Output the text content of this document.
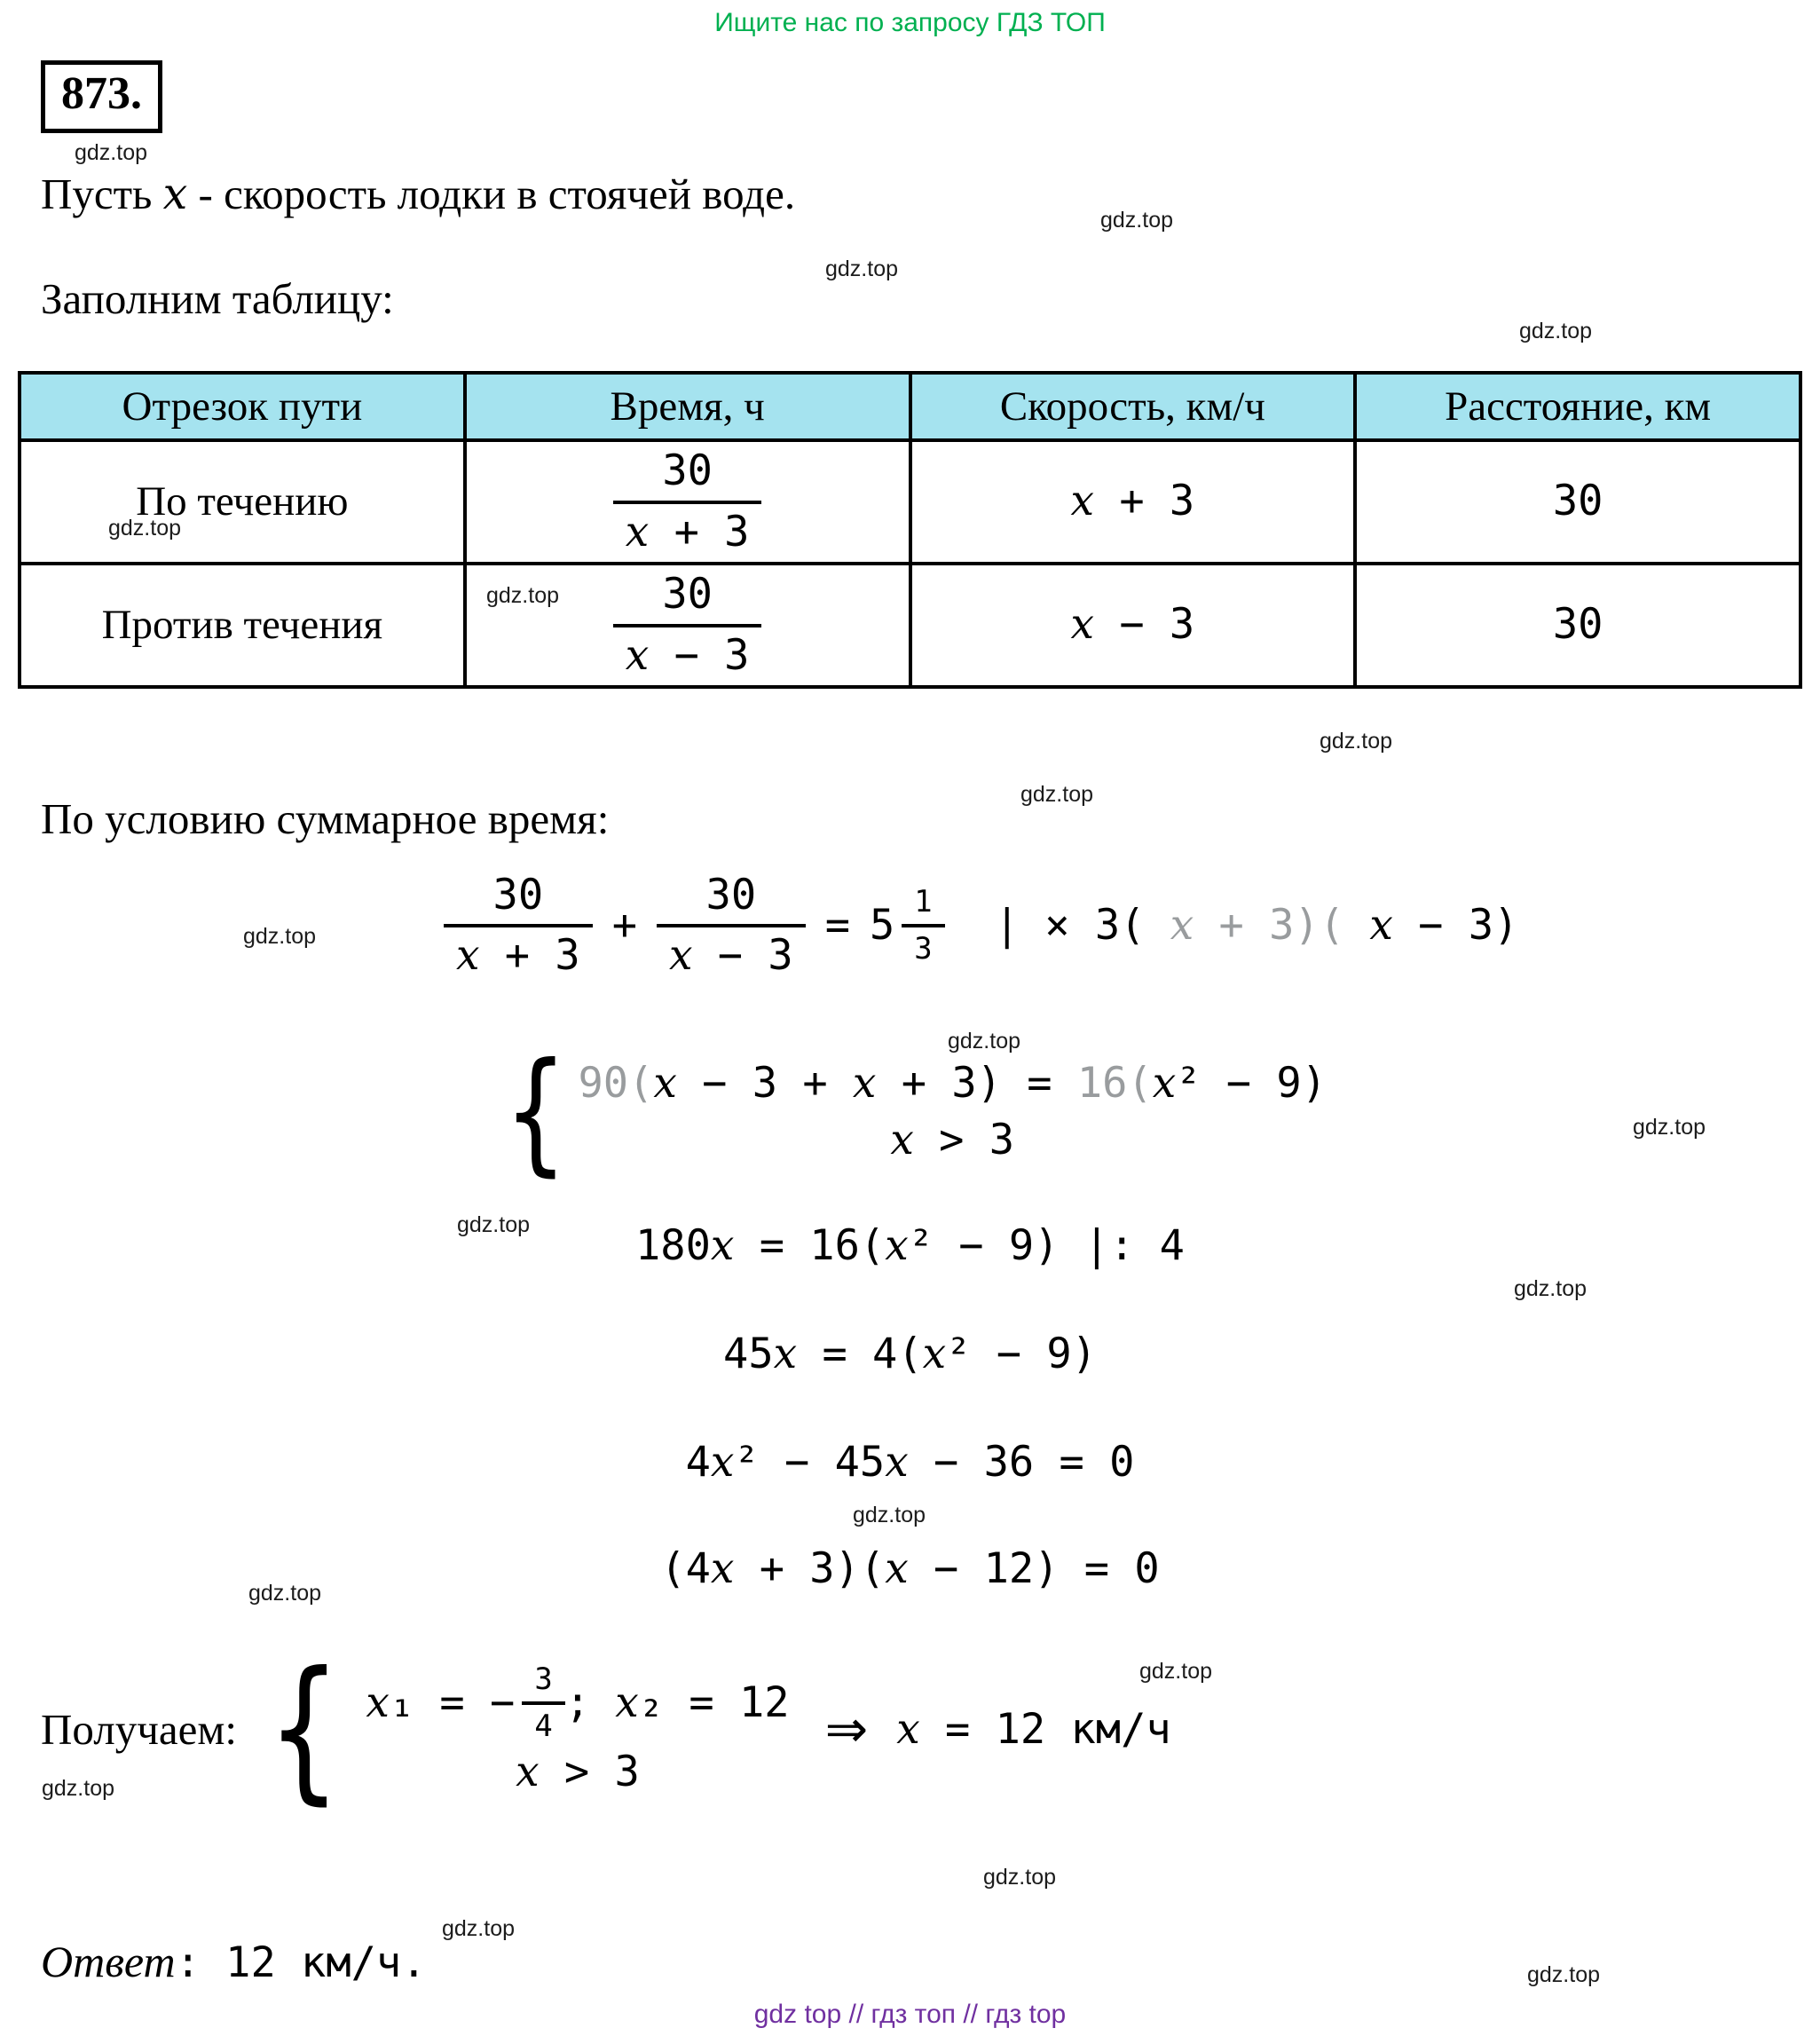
Ищите нас по запросу ГДЗ ТОП
873.
gdz.top
gdz.top
gdz.top
gdz.top
gdz.top
gdz.top
gdz.top
gdz.top
gdz.top
gdz.top
gdz.top
gdz.top
gdz.top
gdz.top
gdz.top
gdz.top
gdz.top
gdz.top
gdz.top
gdz.top
Пусть x - скорость лодки в стоячей воде.
Заполним таблицу:
Отрезок пути	Время, ч	Скорость, км/ч	Расстояние, км
По течению	$\frac{30}{x + 3}$	x + 3	30
Против течения	$\frac{30}{x - 3}$	x − 3	30
По условию суммарное время:
$\frac{30}{x + 3} + \frac{30}{x - 3} = 5 \frac{1}{3}$ | × 3( x + 3)( x − 3)
{ 90(x − 3 + x + 3) = 16(x² − 9)
x > 3
180x = 16(x² − 9) |: 4
45x = 4(x² − 9)
4x² − 45x − 36 = 0
(4x + 3)(x − 12) = 0
Получаем: { x₁ = − $\frac{3}{4}$ ; x₂ = 12
x > 3
⇒ x = 12 км/ч
Ответ: 12 км/ч.
gdz top // гдз топ // гдз top
